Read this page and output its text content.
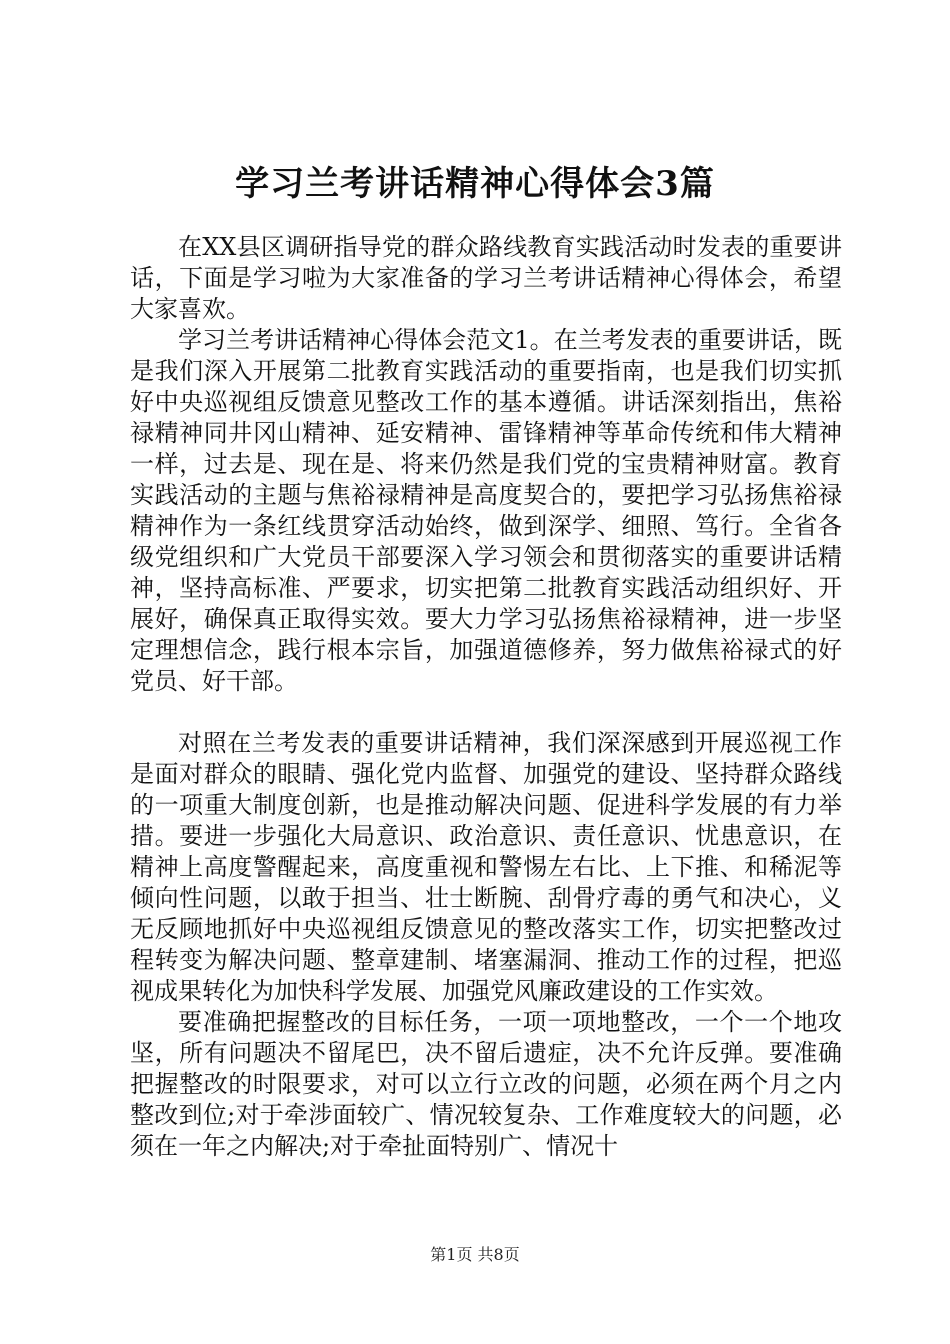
学习兰考讲话精神心得体会3篇

在XX县区调研指导党的群众路线教育实践活动时发表的重要讲话，下面是学习啦为大家准备的学习兰考讲话精神心得体会，希望大家喜欢。

学习兰考讲话精神心得体会范文1。在兰考发表的重要讲话，既是我们深入开展第二批教育实践活动的重要指南，也是我们切实抓好中央巡视组反馈意见整改工作的基本遵循。讲话深刻指出，焦裕禄精神同井冈山精神、延安精神、雷锋精神等革命传统和伟大精神一样，过去是、现在是、将来仍然是我们党的宝贵精神财富。教育实践活动的主题与焦裕禄精神是高度契合的，要把学习弘扬焦裕禄精神作为一条红线贯穿活动始终，做到深学、细照、笃行。全省各级党组织和广大党员干部要深入学习领会和贯彻落实的重要讲话精神，坚持高标准、严要求，切实把第二批教育实践活动组织好、开展好，确保真正取得实效。要大力学习弘扬焦裕禄精神，进一步坚定理想信念，践行根本宗旨，加强道德修养，努力做焦裕禄式的好党员、好干部。

对照在兰考发表的重要讲话精神，我们深深感到开展巡视工作是面对群众的眼睛、强化党内监督、加强党的建设、坚持群众路线的一项重大制度创新，也是推动解决问题、促进科学发展的有力举措。要进一步强化大局意识、政治意识、责任意识、忧患意识，在精神上高度警醒起来，高度重视和警惕左右比、上下推、和稀泥等倾向性问题，以敢于担当、壮士断腕、刮骨疗毒的勇气和决心，义无反顾地抓好中央巡视组反馈意见的整改落实工作，切实把整改过程转变为解决问题、整章建制、堵塞漏洞、推动工作的过程，把巡视成果转化为加快科学发展、加强党风廉政建设的工作实效。

要准确把握整改的目标任务，一项一项地整改，一个一个地攻坚，所有问题决不留尾巴，决不留后遗症，决不允许反弹。要准确把握整改的时限要求，对可以立行立改的问题，必须在两个月之内整改到位;对于牵涉面较广、情况较复杂、工作难度较大的问题，必须在一年之内解决;对于牵扯面特别广、情况十

第1页 共8页
